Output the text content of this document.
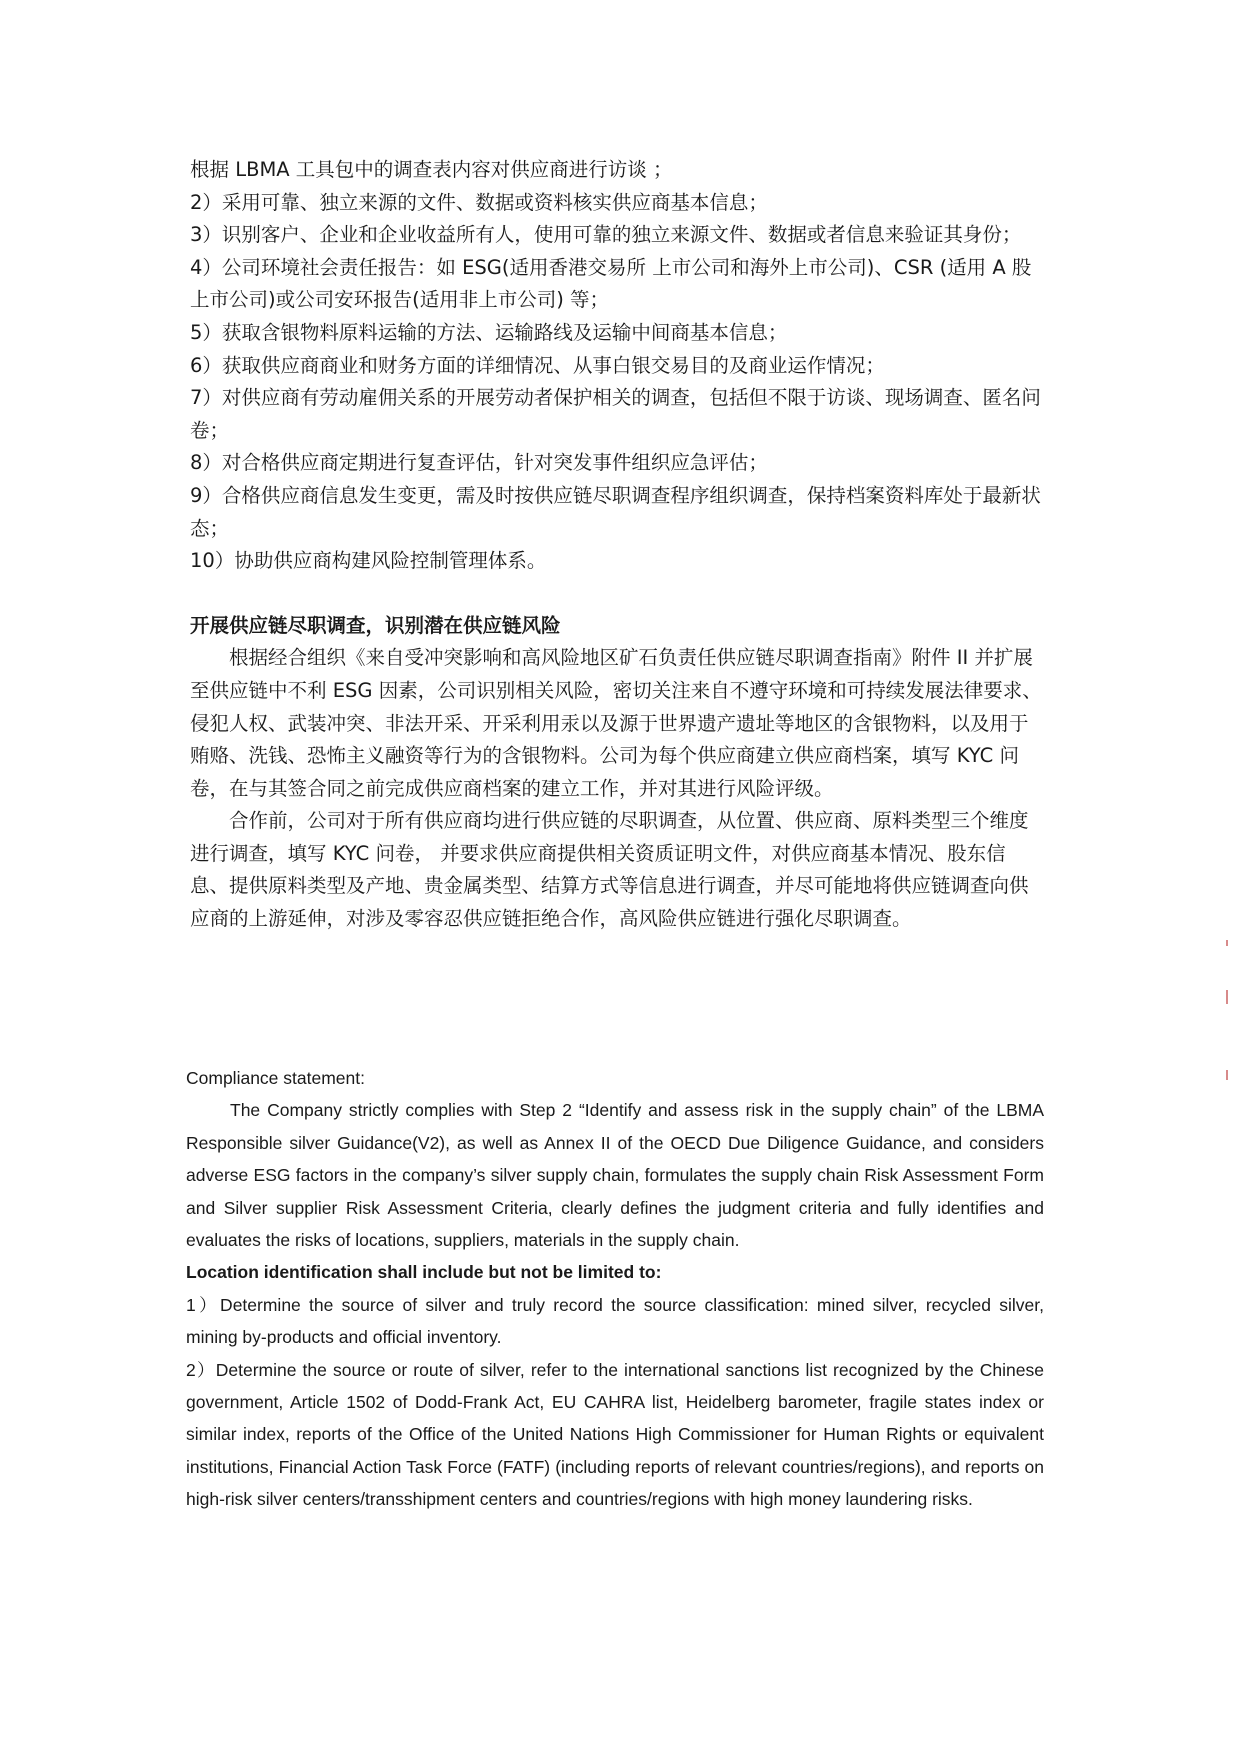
根据 LBMA 工具包中的调查表内容对供应商进行访谈 ；

2）采用可靠、独立来源的文件、数据或资料核实供应商基本信息；

3）识别客户、企业和企业收益所有人，使用可靠的独立来源文件、数据或者信息来验证其身份；

4）公司环境社会责任报告：如 ESG(适用香港交易所 上市公司和海外上市公司)、CSR (适用 A 股上市公司)或公司安环报告(适用非上市公司) 等；

5）获取含银物料原料运输的方法、运输路线及运输中间商基本信息；

6）获取供应商商业和财务方面的详细情况、从事白银交易目的及商业运作情况；

7）对供应商有劳动雇佣关系的开展劳动者保护相关的调查，包括但不限于访谈、现场调查、匿名问卷；

8）对合格供应商定期进行复查评估，针对突发事件组织应急评估；

9）合格供应商信息发生变更，需及时按供应链尽职调查程序组织调查，保持档案资料库处于最新状态；

10）协助供应商构建风险控制管理体系。

开展供应链尽职调查，识别潜在供应链风险

根据经合组织《来自受冲突影响和高风险地区矿石负责任供应链尽职调查指南》附件 II 并扩展至供应链中不利 ESG 因素，公司识别相关风险，密切关注来自不遵守环境和可持续发展法律要求、侵犯人权、武装冲突、非法开采、开采利用汞以及源于世界遗产遗址等地区的含银物料，以及用于贿赂、洗钱、恐怖主义融资等行为的含银物料。公司为每个供应商建立供应商档案，填写 KYC 问卷，在与其签合同之前完成供应商档案的建立工作，并对其进行风险评级。

合作前，公司对于所有供应商均进行供应链的尽职调查，从位置、供应商、原料类型三个维度进行调查，填写 KYC 问卷， 并要求供应商提供相关资质证明文件，对供应商基本情况、股东信息、提供原料类型及产地、贵金属类型、结算方式等信息进行调查，并尽可能地将供应链调查向供应商的上游延伸，对涉及零容忍供应链拒绝合作，高风险供应链进行强化尽职调查。

Compliance statement:

The Company strictly complies with Step 2 “Identify and assess risk in the supply chain” of the LBMA Responsible silver Guidance(V2), as well as Annex II of the OECD Due Diligence Guidance, and considers adverse ESG factors in the company’s silver supply chain, formulates the supply chain Risk Assessment Form and Silver supplier Risk Assessment Criteria, clearly defines the judgment criteria and fully identifies and evaluates the risks of locations, suppliers, materials in the supply chain.

Location identification shall include but not be limited to:

1）Determine the source of silver and truly record the source classification: mined silver, recycled silver, mining by-products and official inventory.

2）Determine the source or route of silver, refer to the international sanctions list recognized by the Chinese government, Article 1502 of Dodd-Frank Act, EU CAHRA list, Heidelberg barometer, fragile states index or similar index, reports of the Office of the United Nations High Commissioner for Human Rights or equivalent institutions, Financial Action Task Force (FATF) (including reports of relevant countries/regions), and reports on high-risk silver centers/transshipment centers and countries/regions with high money laundering risks.
